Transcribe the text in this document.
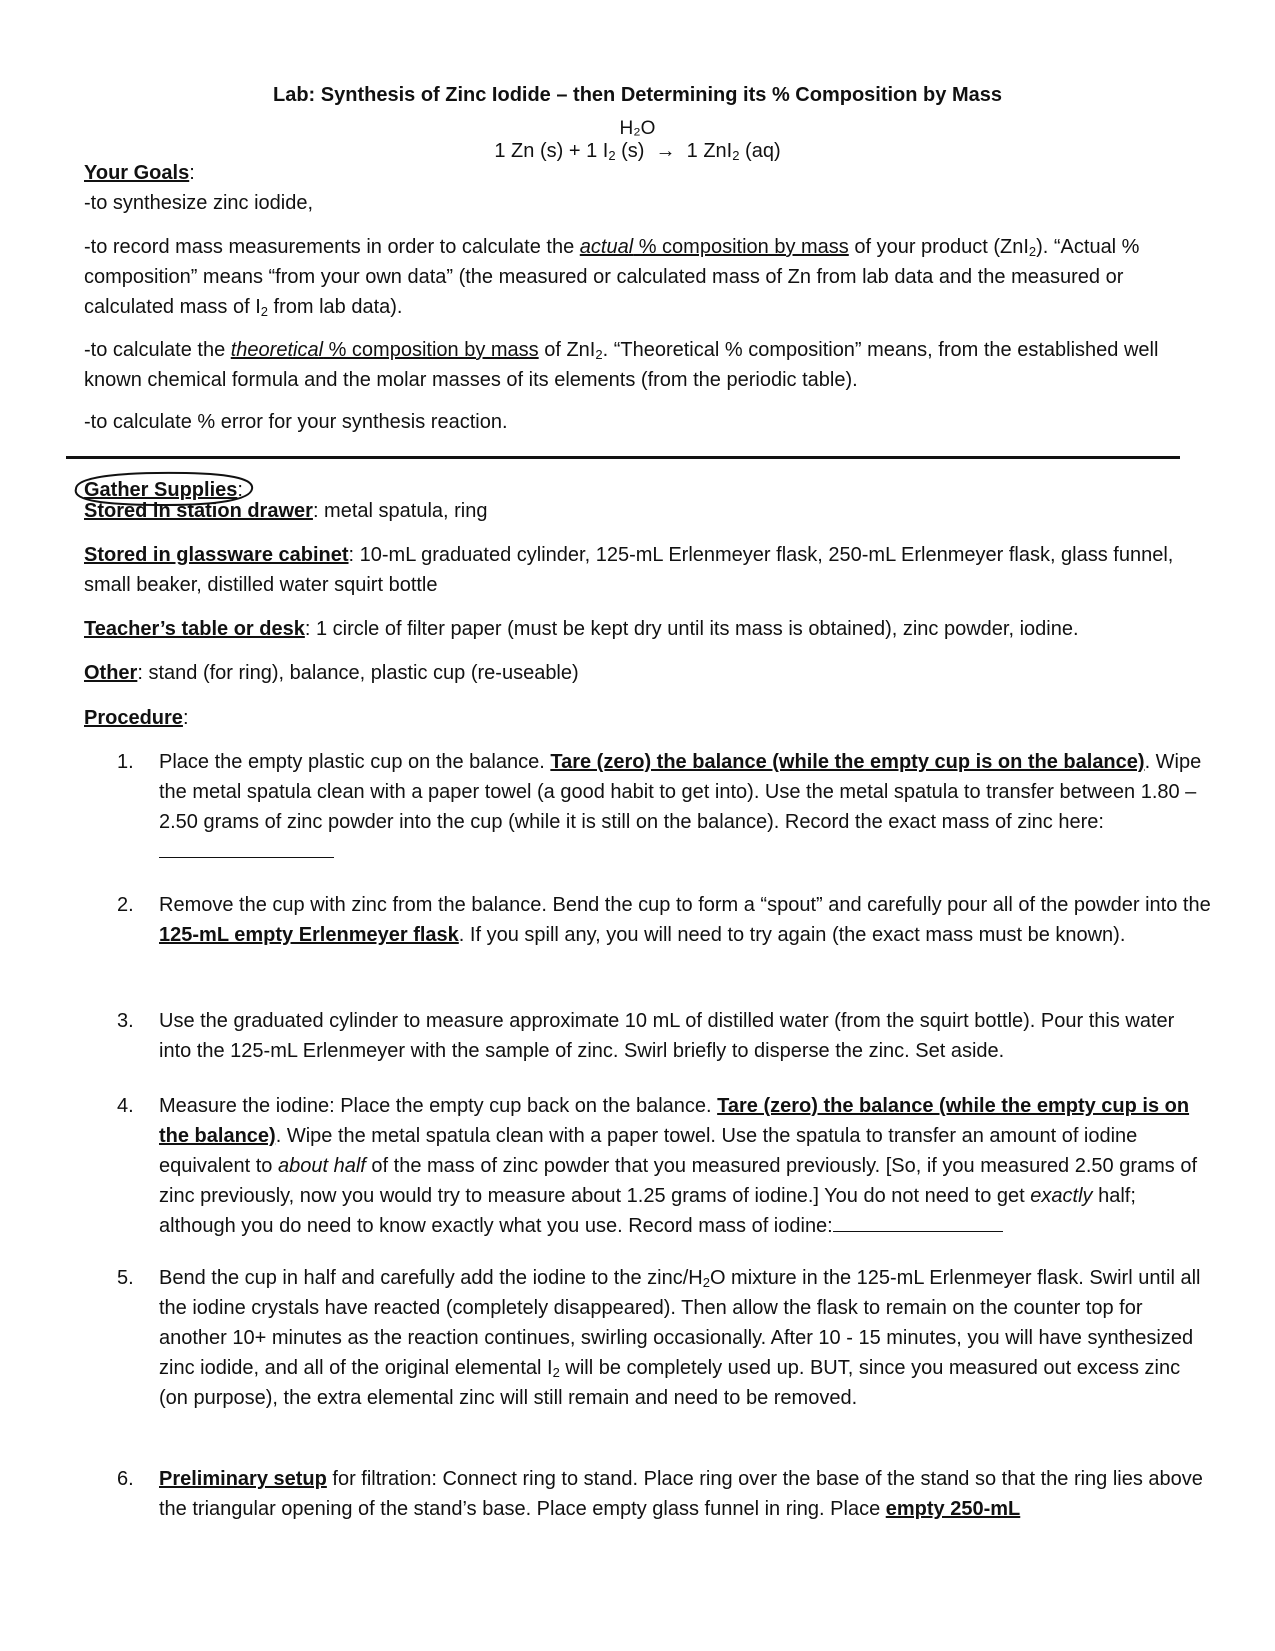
Lab: Synthesis of Zinc Iodide – then Determining its % Composition by Mass
H₂O
1 Zn (s) + 1 $I_2$ (s)  →  1 ZnI$_2$ (aq)
Your Goals:
-to synthesize zinc iodide,
-to record mass measurements in order to calculate the actual % composition by mass of your product (ZnI$_2$). “Actual % composition” means “from your own data” (the measured or calculated mass of Zn from lab data and the measured or calculated mass of $I_2$ from lab data).
-to calculate the theoretical % composition by mass of ZnI$_2$. “Theoretical % composition” means, from the established well known chemical formula and the molar masses of its elements (from the periodic table).
-to calculate % error for your synthesis reaction.
Gather Supplies:
Stored in station drawer: metal spatula, ring
Stored in glassware cabinet: 10-mL graduated cylinder, 125-mL Erlenmeyer flask, 250-mL Erlenmeyer flask, glass funnel, small beaker, distilled water squirt bottle
Teacher’s table or desk: 1 circle of filter paper (must be kept dry until its mass is obtained), zinc powder, iodine.
Other: stand (for ring), balance, plastic cup (re-useable)
Procedure:
1.	Place the empty plastic cup on the balance. Tare (zero) the balance (while the empty cup is on the balance). Wipe the metal spatula clean with a paper towel (a good habit to get into). Use the metal spatula to transfer between 1.80 – 2.50 grams of zinc powder into the cup (while it is still on the balance). Record the exact mass of zinc here:
2.	Remove the cup with zinc from the balance. Bend the cup to form a “spout” and carefully pour all of the powder into the 125-mL empty Erlenmeyer flask. If you spill any, you will need to try again (the exact mass must be known).
3.	Use the graduated cylinder to measure approximate 10 mL of distilled water (from the squirt bottle). Pour this water into the 125-mL Erlenmeyer with the sample of zinc. Swirl briefly to disperse the zinc. Set aside.
4.	Measure the iodine: Place the empty cup back on the balance. Tare (zero) the balance (while the empty cup is on the balance). Wipe the metal spatula clean with a paper towel. Use the spatula to transfer an amount of iodine equivalent to about half of the mass of zinc powder that you measured previously. [So, if you measured 2.50 grams of zinc previously, now you would try to measure about 1.25 grams of iodine.] You do not need to get exactly half; although you do need to know exactly what you use. Record mass of iodine:
5.	Bend the cup in half and carefully add the iodine to the zinc/$H_2O$ mixture in the 125-mL Erlenmeyer flask. Swirl until all the iodine crystals have reacted (completely disappeared). Then allow the flask to remain on the counter top for another 10+ minutes as the reaction continues, swirling occasionally. After 10 - 15 minutes, you will have synthesized zinc iodide, and all of the original elemental $I_2$ will be completely used up. BUT, since you measured out excess zinc (on purpose), the extra elemental zinc will still remain and need to be removed.
6.	Preliminary setup for filtration: Connect ring to stand. Place ring over the base of the stand so that the ring lies above the triangular opening of the stand’s base. Place empty glass funnel in ring. Place empty 250-mL
